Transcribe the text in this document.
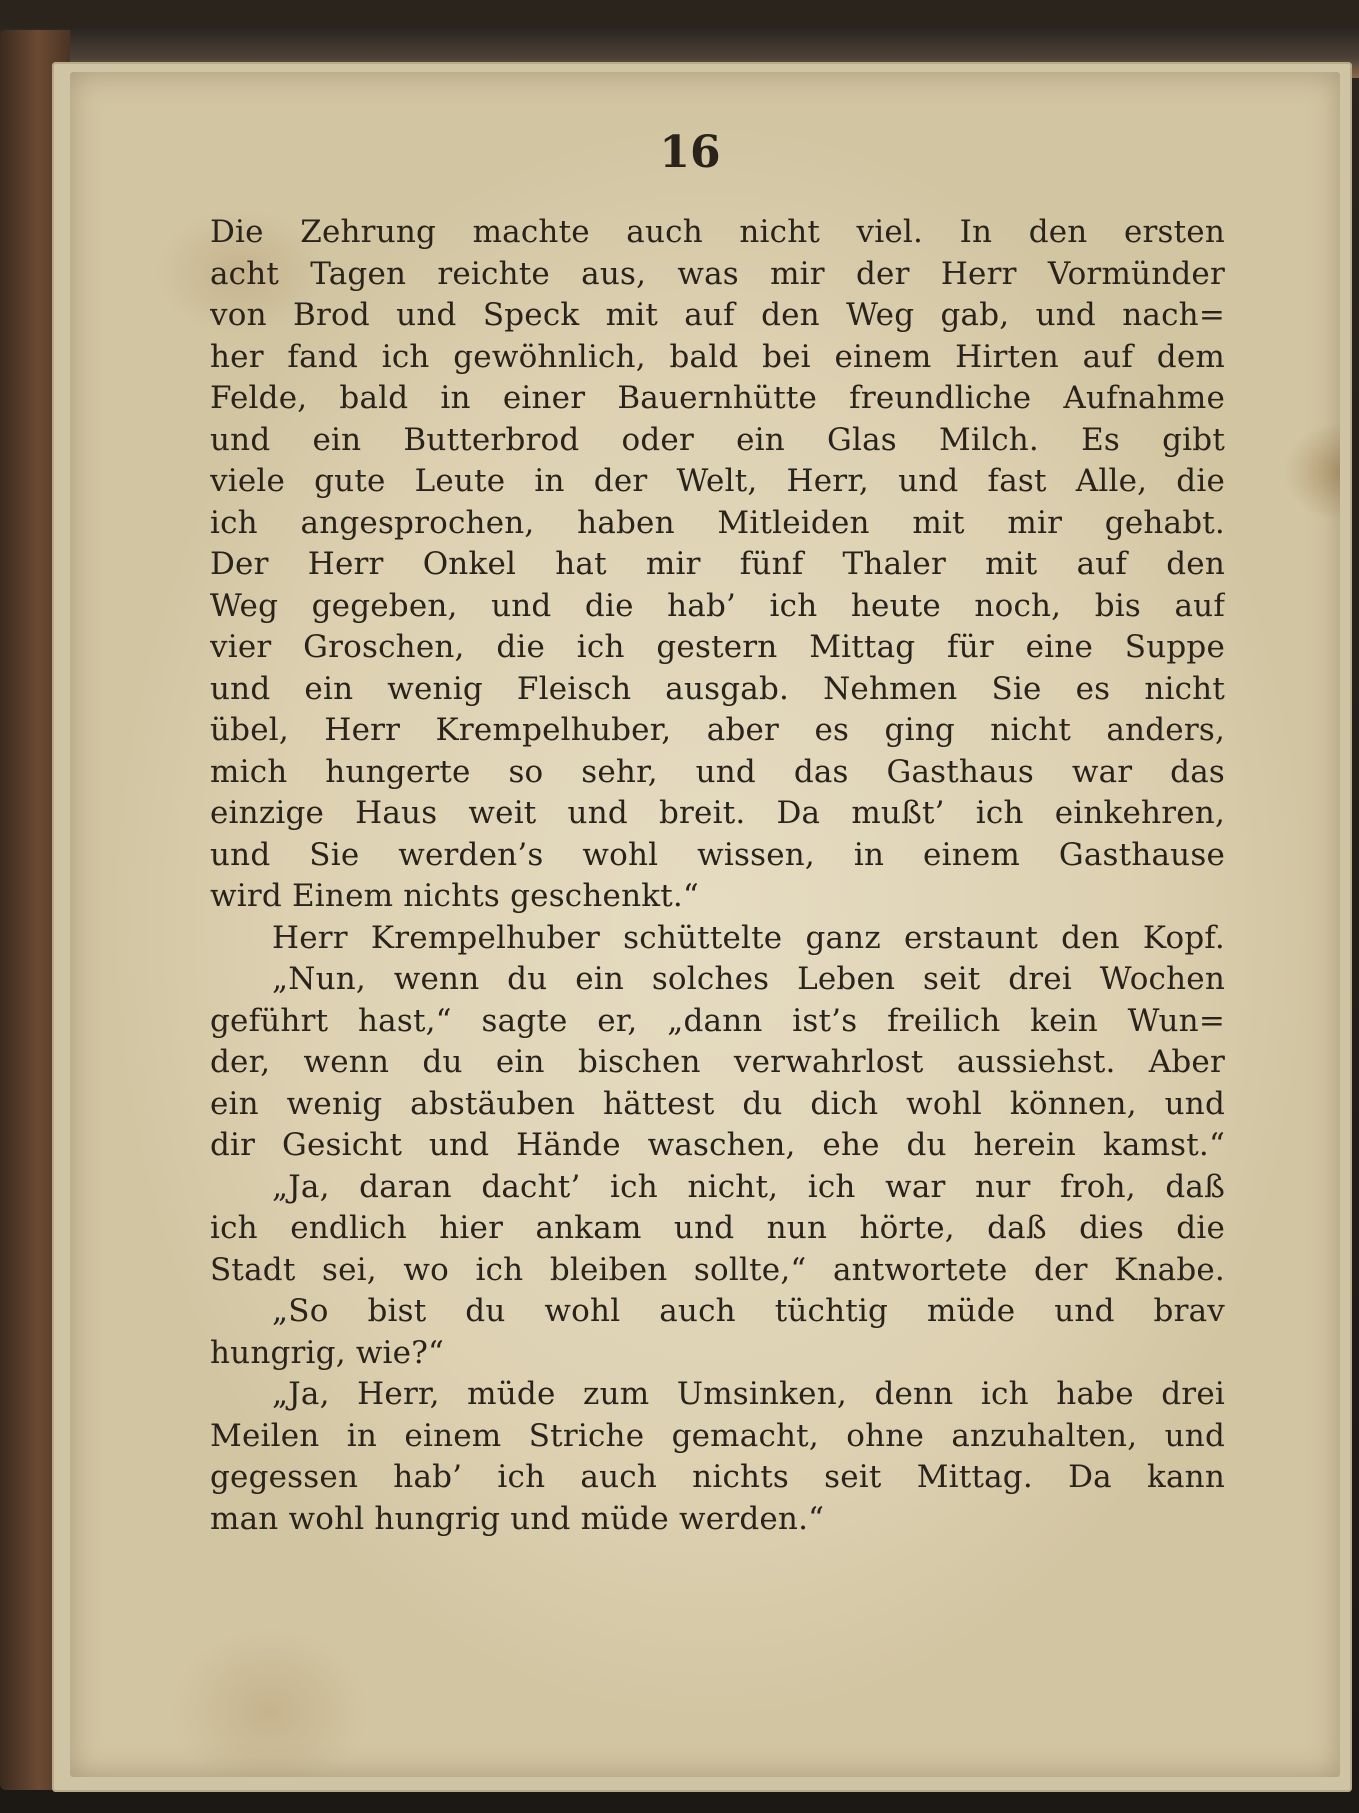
16
Die Zehrung machte auch nicht viel. In den ersten
acht Tagen reichte aus, was mir der Herr Vormünder
von Brod und Speck mit auf den Weg gab, und nach=
her fand ich gewöhnlich, bald bei einem Hirten auf dem
Felde, bald in einer Bauernhütte freundliche Aufnahme
und ein Butterbrod oder ein Glas Milch. Es gibt
viele gute Leute in der Welt, Herr, und fast Alle, die
ich angesprochen, haben Mitleiden mit mir gehabt.
Der Herr Onkel hat mir fünf Thaler mit auf den
Weg gegeben, und die hab’ ich heute noch, bis auf
vier Groschen, die ich gestern Mittag für eine Suppe
und ein wenig Fleisch ausgab. Nehmen Sie es nicht
übel, Herr Krempelhuber, aber es ging nicht anders,
mich hungerte so sehr, und das Gasthaus war das
einzige Haus weit und breit. Da mußt’ ich einkehren,
und Sie werden’s wohl wissen, in einem Gasthause
wird Einem nichts geschenkt.“
Herr Krempelhuber schüttelte ganz erstaunt den Kopf.
„Nun, wenn du ein solches Leben seit drei Wochen
geführt hast,“ sagte er, „dann ist’s freilich kein Wun=
der, wenn du ein bischen verwahrlost aussiehst. Aber
ein wenig abstäuben hättest du dich wohl können, und
dir Gesicht und Hände waschen, ehe du herein kamst.“
„Ja, daran dacht’ ich nicht, ich war nur froh, daß
ich endlich hier ankam und nun hörte, daß dies die
Stadt sei, wo ich bleiben sollte,“ antwortete der Knabe.
„So bist du wohl auch tüchtig müde und brav
hungrig, wie?“
„Ja, Herr, müde zum Umsinken, denn ich habe drei
Meilen in einem Striche gemacht, ohne anzuhalten, und
gegessen hab’ ich auch nichts seit Mittag. Da kann
man wohl hungrig und müde werden.“
